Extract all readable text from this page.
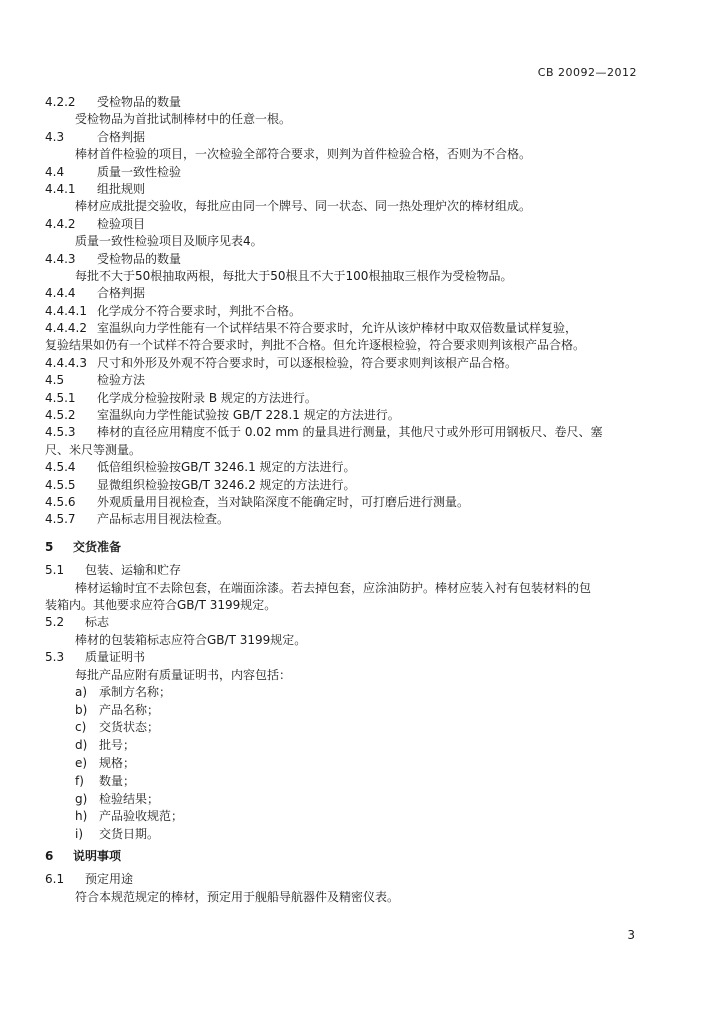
CB 20092—2012
4.2.2 受检物品的数量
受检物品为首批试制棒材中的任意一根。
4.3	合格判据
棒材首件检验的项目，一次检验全部符合要求，则判为首件检验合格，否则为不合格。
4.4	质量一致性检验
4.4.1 组批规则
棒材应成批提交验收，每批应由同一个牌号、同一状态、同一热处理炉次的棒材组成。
4.4.2 检验项目
质量一致性检验项目及顺序见表4。
4.4.3 受检物品的数量
每批不大于50根抽取两根，每批大于50根且不大于100根抽取三根作为受检物品。
4.4.4 合格判据
4.4.4.1 化学成分不符合要求时，判批不合格。
4.4.4.2 室温纵向力学性能有一个试样结果不符合要求时，允许从该炉棒材中取双倍数量试样复验，
复验结果如仍有一个试样不符合要求时，判批不合格。但允许逐根检验，符合要求则判该根产品合格。
4.4.4.3 尺寸和外形及外观不符合要求时，可以逐根检验，符合要求则判该根产品合格。
4.5	检验方法
4.5.1 化学成分检验按附录 B 规定的方法进行。
4.5.2 室温纵向力学性能试验按 GB/T 228.1 规定的方法进行。
4.5.3 棒材的直径应用精度不低于 0.02 mm 的量具进行测量，其他尺寸或外形可用钢板尺、卷尺、塞
尺、米尺等测量。
4.5.4 低倍组织检验按GB/T 3246.1 规定的方法进行。
4.5.5 显微组织检验按GB/T 3246.2 规定的方法进行。
4.5.6 外观质量用目视检查，当对缺陷深度不能确定时，可打磨后进行测量。
4.5.7 产品标志用目视法检查。
5 交货准备
5.1 包装、运输和贮存
棒材运输时宜不去除包套，在端面涂漆。若去掉包套，应涂油防护。棒材应装入衬有包装材料的包
装箱内。其他要求应符合GB/T 3199规定。
5.2 标志
棒材的包装箱标志应符合GB/T 3199规定。
5.3 质量证明书
每批产品应附有质量证明书，内容包括：
a) 承制方名称；
b) 产品名称；
c) 交货状态；
d) 批号；
e) 规格；
f) 数量；
g) 检验结果；
h) 产品验收规范；
i) 交货日期。
6 说明事项
6.1 预定用途
符合本规范规定的棒材，预定用于舰船导航器件及精密仪表。
3
